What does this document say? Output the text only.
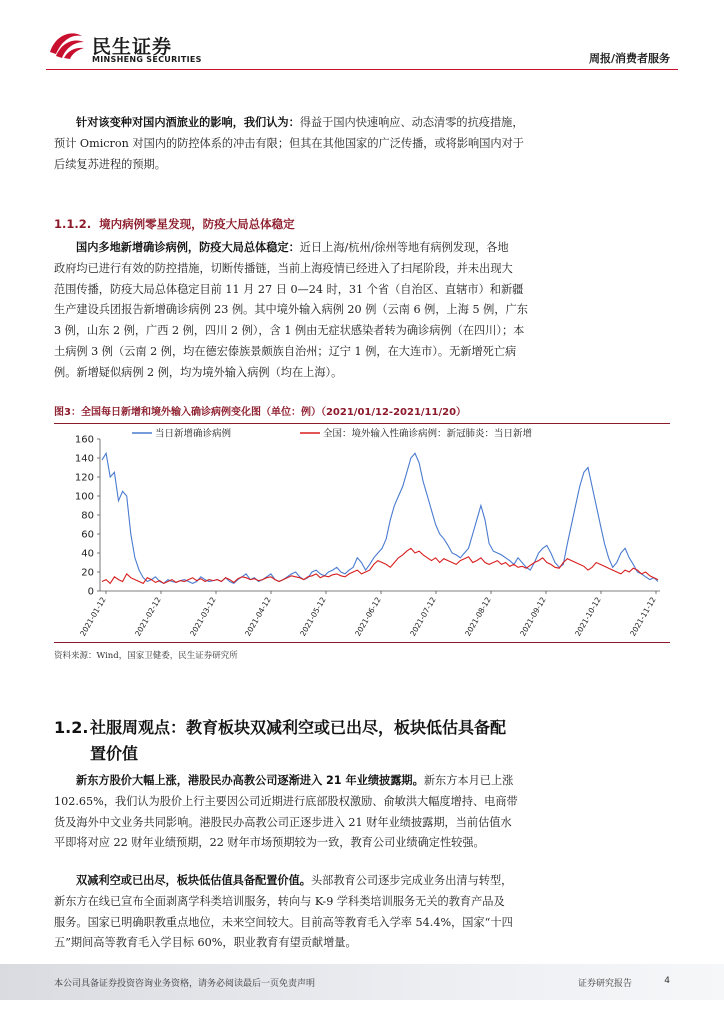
民生证券
MINSHENG SECURITIES	周报/消费者服务
针对该变种对国内酒旅业的影响，我们认为：得益于国内快速响应、动态清零的抗疫措施，
预计 Omicron 对国内的防控体系的冲击有限；但其在其他国家的广泛传播，或将影响国内对于
后续复苏进程的预期。
1.1.2. 境内病例零星发现，防疫大局总体稳定
国内多地新增确诊病例，防疫大局总体稳定：近日上海/杭州/徐州等地有病例发现，各地
政府均已进行有效的防控措施，切断传播链，当前上海疫情已经进入了扫尾阶段，并未出现大
范围传播，防疫大局总体稳定目前 11 月 27 日 0—24 时，31 个省（自治区、直辖市）和新疆
生产建设兵团报告新增确诊病例 23 例。其中境外输入病例 20 例（云南 6 例，上海 5 例，广东
3 例，山东 2 例，广西 2 例，四川 2 例），含 1 例由无症状感染者转为确诊病例（在四川）；本
土病例 3 例（云南 2 例，均在德宏傣族景颇族自治州；辽宁 1 例，在大连市）。无新增死亡病
例。新增疑似病例 2 例，均为境外输入病例（均在上海）。
图3：全国每日新增和境外输入确诊病例变化图（单位：例）（2021/01/12-2021/11/20）
0
20
40
60
80
100
120
140
160
2021-01-12	2021-02-12	2021-03-12	2021-04-12	2021-05-12	2021-06-12	2021-07-12	2021-08-12	2021-09-12	2021-10-12	2021-11-12
当日新增确诊病例	全国：境外输入性确诊病例：新冠肺炎：当日新增
资料来源：Wind，国家卫健委，民生证券研究所
1.2.社服周观点：教育板块双减利空或已出尽，板块低估具备配
置价值
新东方股价大幅上涨，港股民办高教公司逐渐进入 21 年业绩披露期。新东方本月已上涨
102.65%，我们认为股价上行主要因公司近期进行底部股权激励、俞敏洪大幅度增持、电商带
货及海外中文业务共同影响。港股民办高教公司正逐步进入 21 财年业绩披露期，当前估值水
平即将对应 22 财年业绩预期，22 财年市场预期较为一致，教育公司业绩确定性较强。
双减利空或已出尽，板块低估值具备配置价值。头部教育公司逐步完成业务出清与转型，
新东方在线已宣布全面剥离学科类培训服务，转向与 K-9 学科类培训服务无关的教育产品及
服务。国家已明确职教重点地位，未来空间较大。目前高等教育毛入学率 54.4%，国家“十四
五”期间高等教育毛入学目标 60%，职业教育有望贡献增量。
本公司具备证券投资咨询业务资格，请务必阅读最后一页免责声明	证券研究报告	4
